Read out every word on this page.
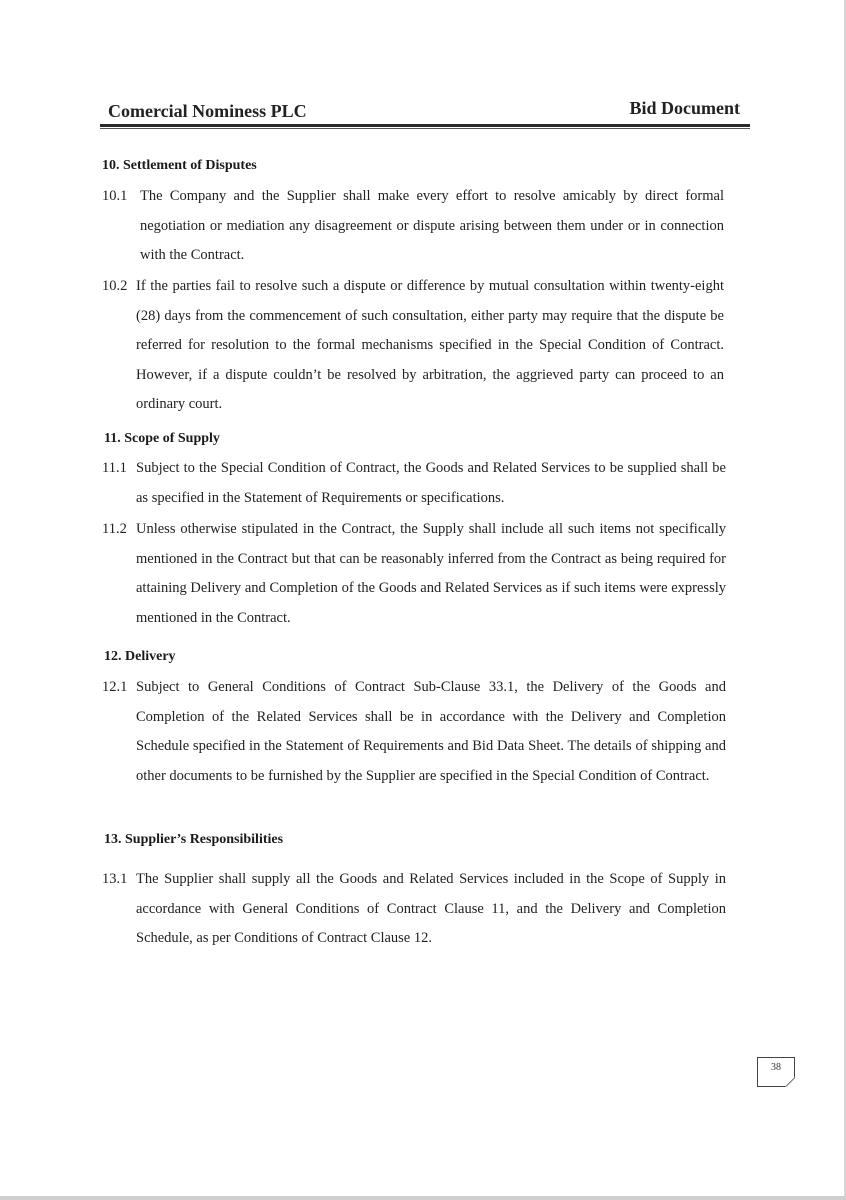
Comercial Nominess PLC	Bid Document
10. Settlement of Disputes
10.1 The Company and the Supplier shall make every effort to resolve amicably by direct formal negotiation or mediation any disagreement or dispute arising between them under or in connection with the Contract.
10.2 If the parties fail to resolve such a dispute or difference by mutual consultation within twenty-eight (28) days from the commencement of such consultation, either party may require that the dispute be referred for resolution to the formal mechanisms specified in the Special Condition of Contract. However, if a dispute couldn’t be resolved by arbitration, the aggrieved party can proceed to an ordinary court.
11. Scope of Supply
11.1 Subject to the Special Condition of Contract, the Goods and Related Services to be supplied shall be as specified in the Statement of Requirements or specifications.
11.2 Unless otherwise stipulated in the Contract, the Supply shall include all such items not specifically mentioned in the Contract but that can be reasonably inferred from the Contract as being required for attaining Delivery and Completion of the Goods and Related Services as if such items were expressly mentioned in the Contract.
12. Delivery
12.1 Subject to General Conditions of Contract Sub-Clause 33.1, the Delivery of the Goods and Completion of the Related Services shall be in accordance with the Delivery and Completion Schedule specified in the Statement of Requirements and Bid Data Sheet. The details of shipping and other documents to be furnished by the Supplier are specified in the Special Condition of Contract.
13. Supplier’s Responsibilities
13.1 The Supplier shall supply all the Goods and Related Services included in the Scope of Supply in accordance with General Conditions of Contract Clause 11, and the Delivery and Completion Schedule, as per Conditions of Contract Clause 12.
38
